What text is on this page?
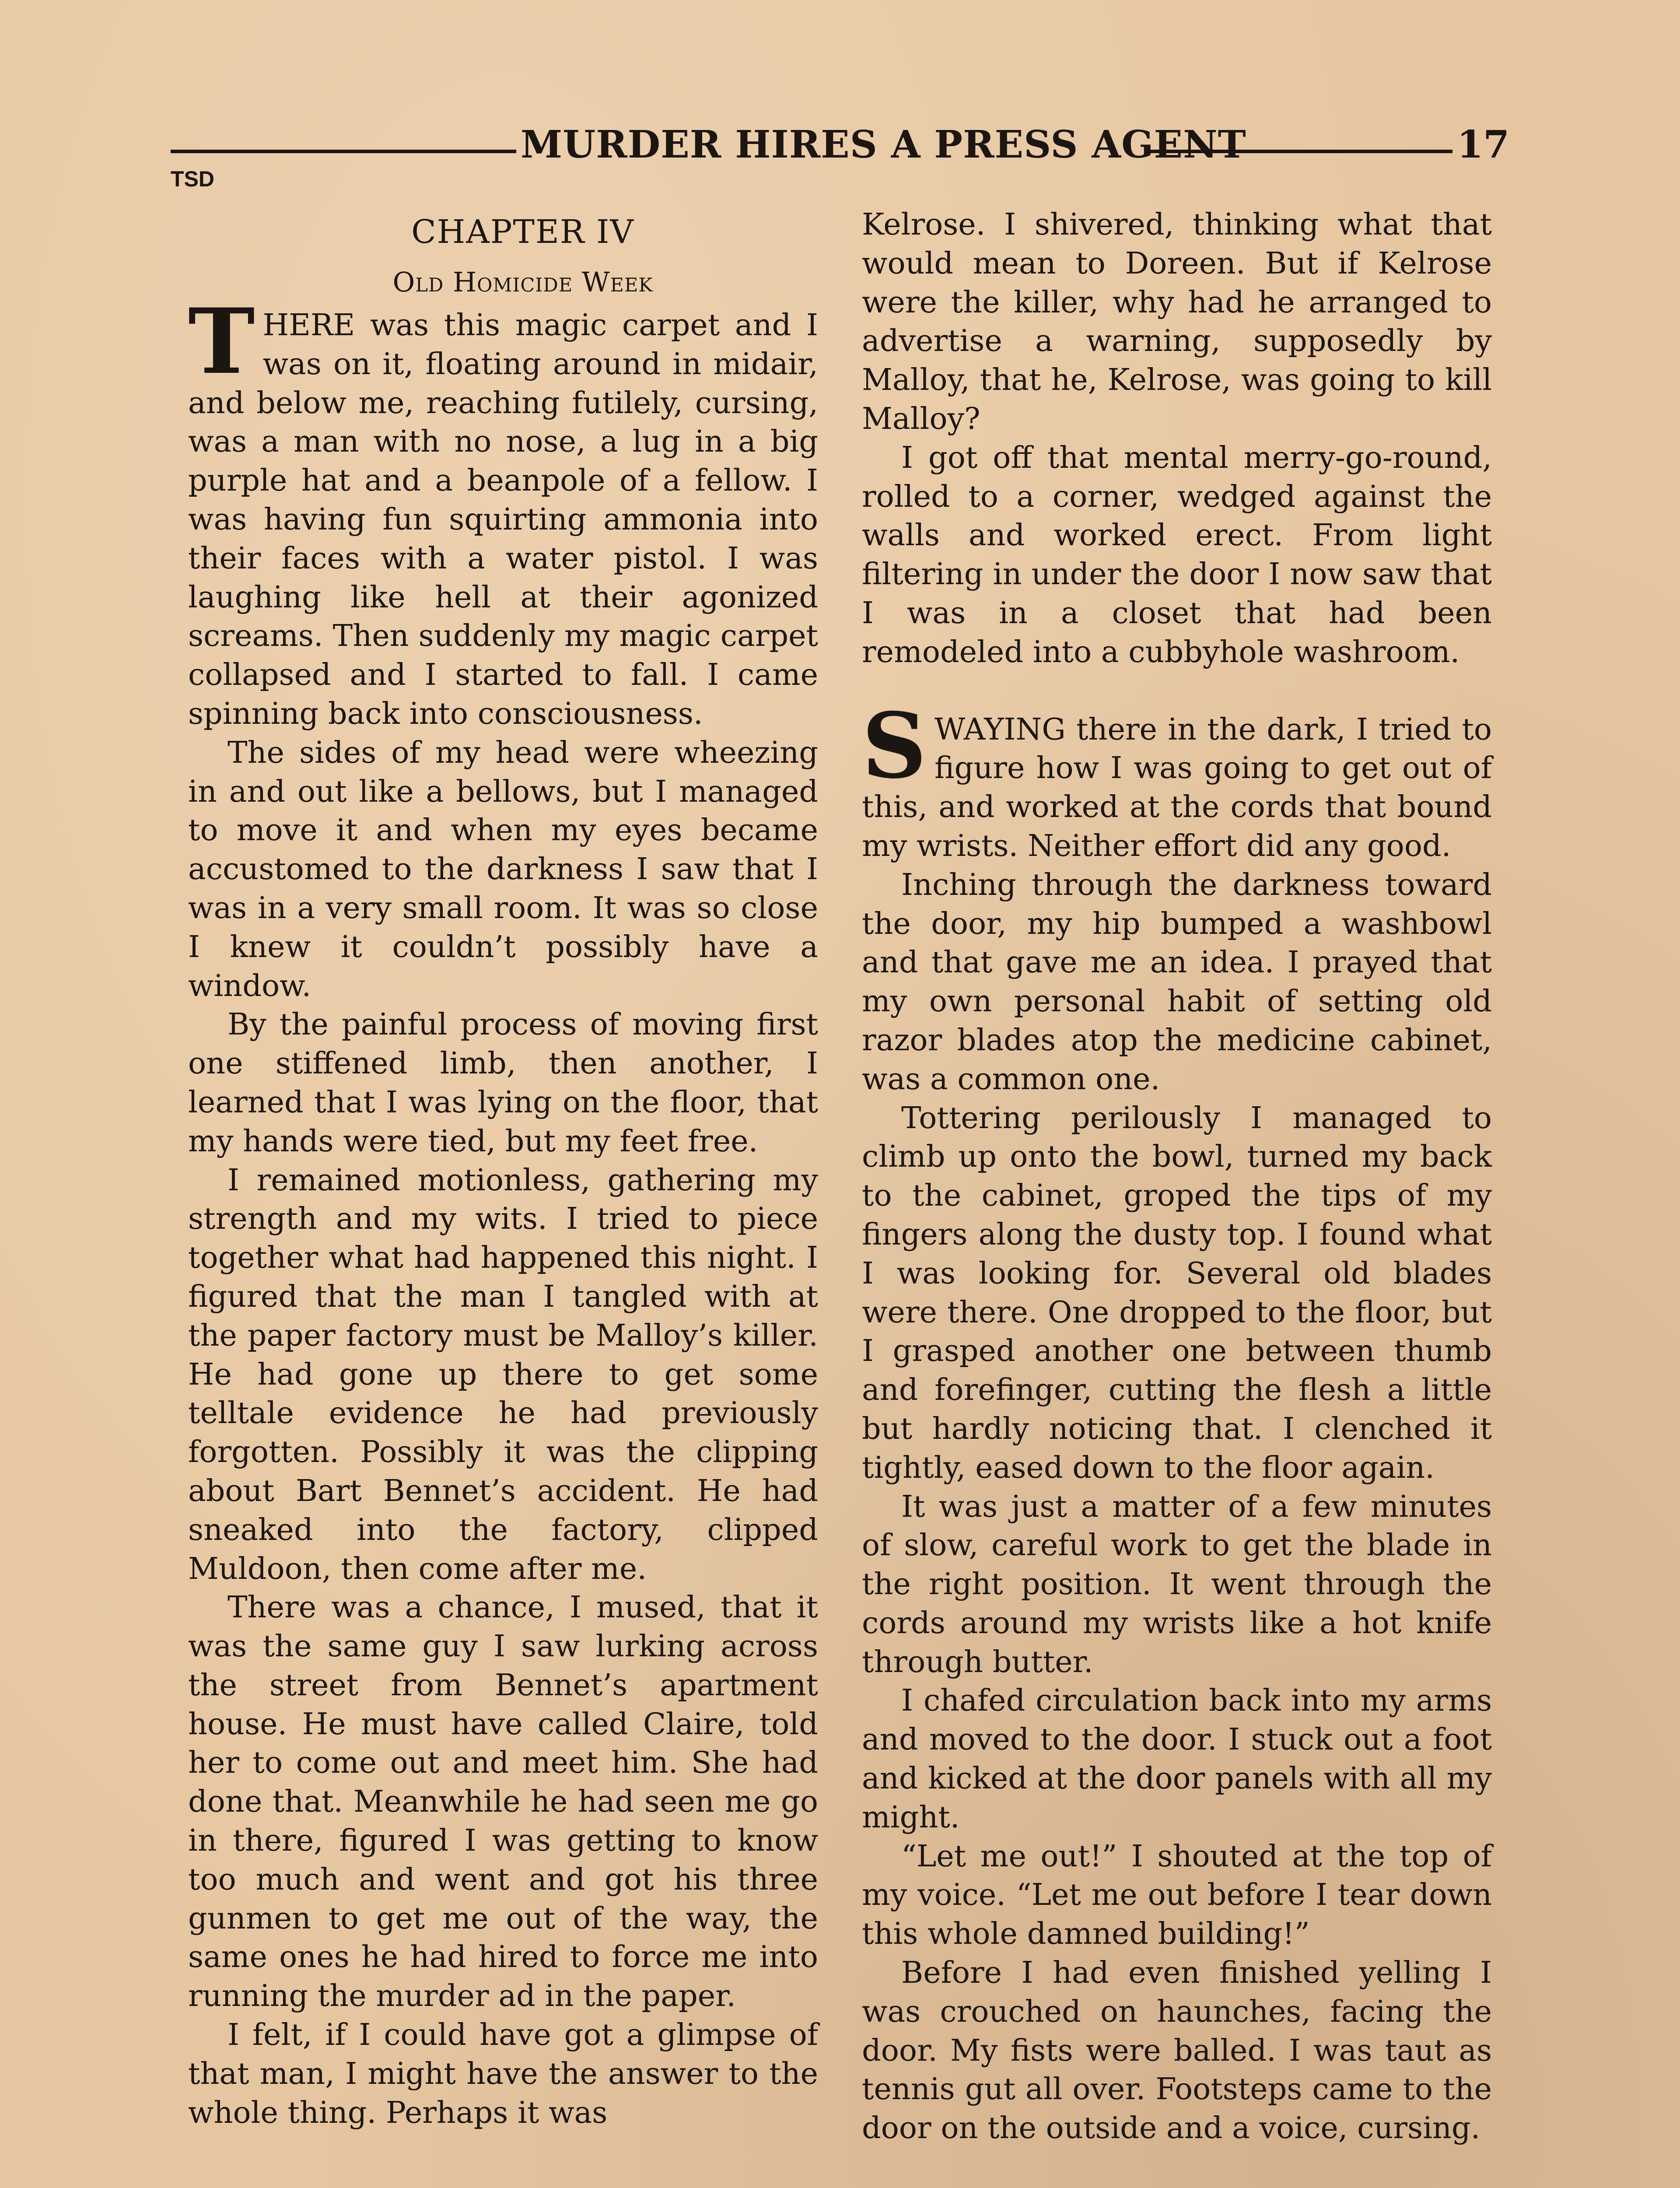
MURDER HIRES A PRESS AGENT	17
TSD

CHAPTER IV

Old Homicide Week

THERE was this magic carpet and I was on it, floating around in midair, and below me, reaching futilely, cursing, was a man with no nose, a lug in a big purple hat and a beanpole of a fellow. I was having fun squirting ammonia into their faces with a water pistol. I was laughing like hell at their agonized screams. Then suddenly my magic carpet collapsed and I started to fall. I came spinning back into consciousness.

The sides of my head were wheezing in and out like a bellows, but I managed to move it and when my eyes became accustomed to the darkness I saw that I was in a very small room. It was so close I knew it couldn’t possibly have a window.

By the painful process of moving first one stiffened limb, then another, I learned that I was lying on the floor, that my hands were tied, but my feet free.

I remained motionless, gathering my strength and my wits. I tried to piece together what had happened this night. I figured that the man I tangled with at the paper factory must be Malloy’s killer. He had gone up there to get some telltale evidence he had previously forgotten. Possibly it was the clipping about Bart Bennet’s accident. He had sneaked into the factory, clipped Muldoon, then come after me.

There was a chance, I mused, that it was the same guy I saw lurking across the street from Bennet’s apartment house. He must have called Claire, told her to come out and meet him. She had done that. Meanwhile he had seen me go in there, figured I was getting to know too much and went and got his three gunmen to get me out of the way, the same ones he had hired to force me into running the murder ad in the paper.

I felt, if I could have got a glimpse of that man, I might have the answer to the whole thing. Perhaps it was

Kelrose. I shivered, thinking what that would mean to Doreen. But if Kelrose were the killer, why had he arranged to advertise a warning, supposedly by Malloy, that he, Kelrose, was going to kill Malloy?

I got off that mental merry-go-round, rolled to a corner, wedged against the walls and worked erect. From light filtering in under the door I now saw that I was in a closet that had been remodeled into a cubbyhole washroom.

SWAYING there in the dark, I tried to figure how I was going to get out of this, and worked at the cords that bound my wrists. Neither effort did any good.

Inching through the darkness toward the door, my hip bumped a washbowl and that gave me an idea. I prayed that my own personal habit of setting old razor blades atop the medicine cabinet, was a common one.

Tottering perilously I managed to climb up onto the bowl, turned my back to the cabinet, groped the tips of my fingers along the dusty top. I found what I was looking for. Several old blades were there. One dropped to the floor, but I grasped another one between thumb and forefinger, cutting the flesh a little but hardly noticing that. I clenched it tightly, eased down to the floor again.

It was just a matter of a few minutes of slow, careful work to get the blade in the right position. It went through the cords around my wrists like a hot knife through butter.

I chafed circulation back into my arms and moved to the door. I stuck out a foot and kicked at the door panels with all my might.

“Let me out!” I shouted at the top of my voice. “Let me out before I tear down this whole damned building!”

Before I had even finished yelling I was crouched on haunches, facing the door. My fists were balled. I was taut as tennis gut all over. Footsteps came to the door on the outside and a voice, cursing.
